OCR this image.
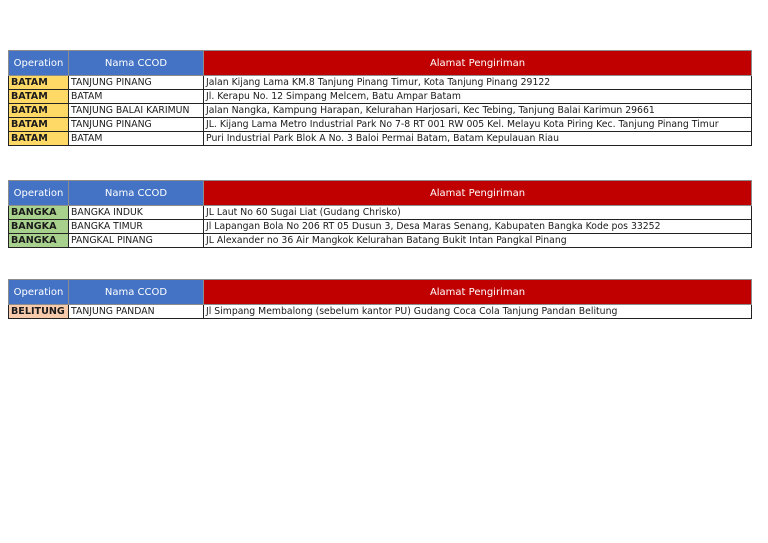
Operation	Nama CCOD	Alamat Pengiriman
BATAM	TANJUNG PINANG	Jalan Kijang Lama KM.8 Tanjung Pinang Timur, Kota Tanjung Pinang 29122
BATAM	BATAM	Jl. Kerapu No. 12 Simpang Melcem, Batu Ampar Batam
BATAM	TANJUNG BALAI KARIMUN	Jalan Nangka, Kampung Harapan, Kelurahan Harjosari, Kec Tebing, Tanjung Balai Karimun 29661
BATAM	TANJUNG PINANG	JL. Kijang Lama Metro Industrial Park No 7-8 RT 001 RW 005 Kel. Melayu Kota Piring Kec. Tanjung Pinang Timur
BATAM	BATAM	Puri Industrial Park Blok A No. 3 Baloi Permai Batam, Batam Kepulauan Riau
Operation	Nama CCOD	Alamat Pengiriman
BANGKA	BANGKA INDUK	JL Laut No 60 Sugai Liat (Gudang Chrisko)
BANGKA	BANGKA TIMUR	Jl Lapangan Bola No 206 RT 05 Dusun 3, Desa Maras Senang, Kabupaten Bangka Kode pos 33252
BANGKA	PANGKAL PINANG	JL Alexander no 36 Air Mangkok Kelurahan Batang Bukit Intan Pangkal Pinang
Operation	Nama CCOD	Alamat Pengiriman
BELITUNG	TANJUNG PANDAN	Jl Simpang Membalong (sebelum kantor PU) Gudang Coca Cola Tanjung Pandan Belitung
